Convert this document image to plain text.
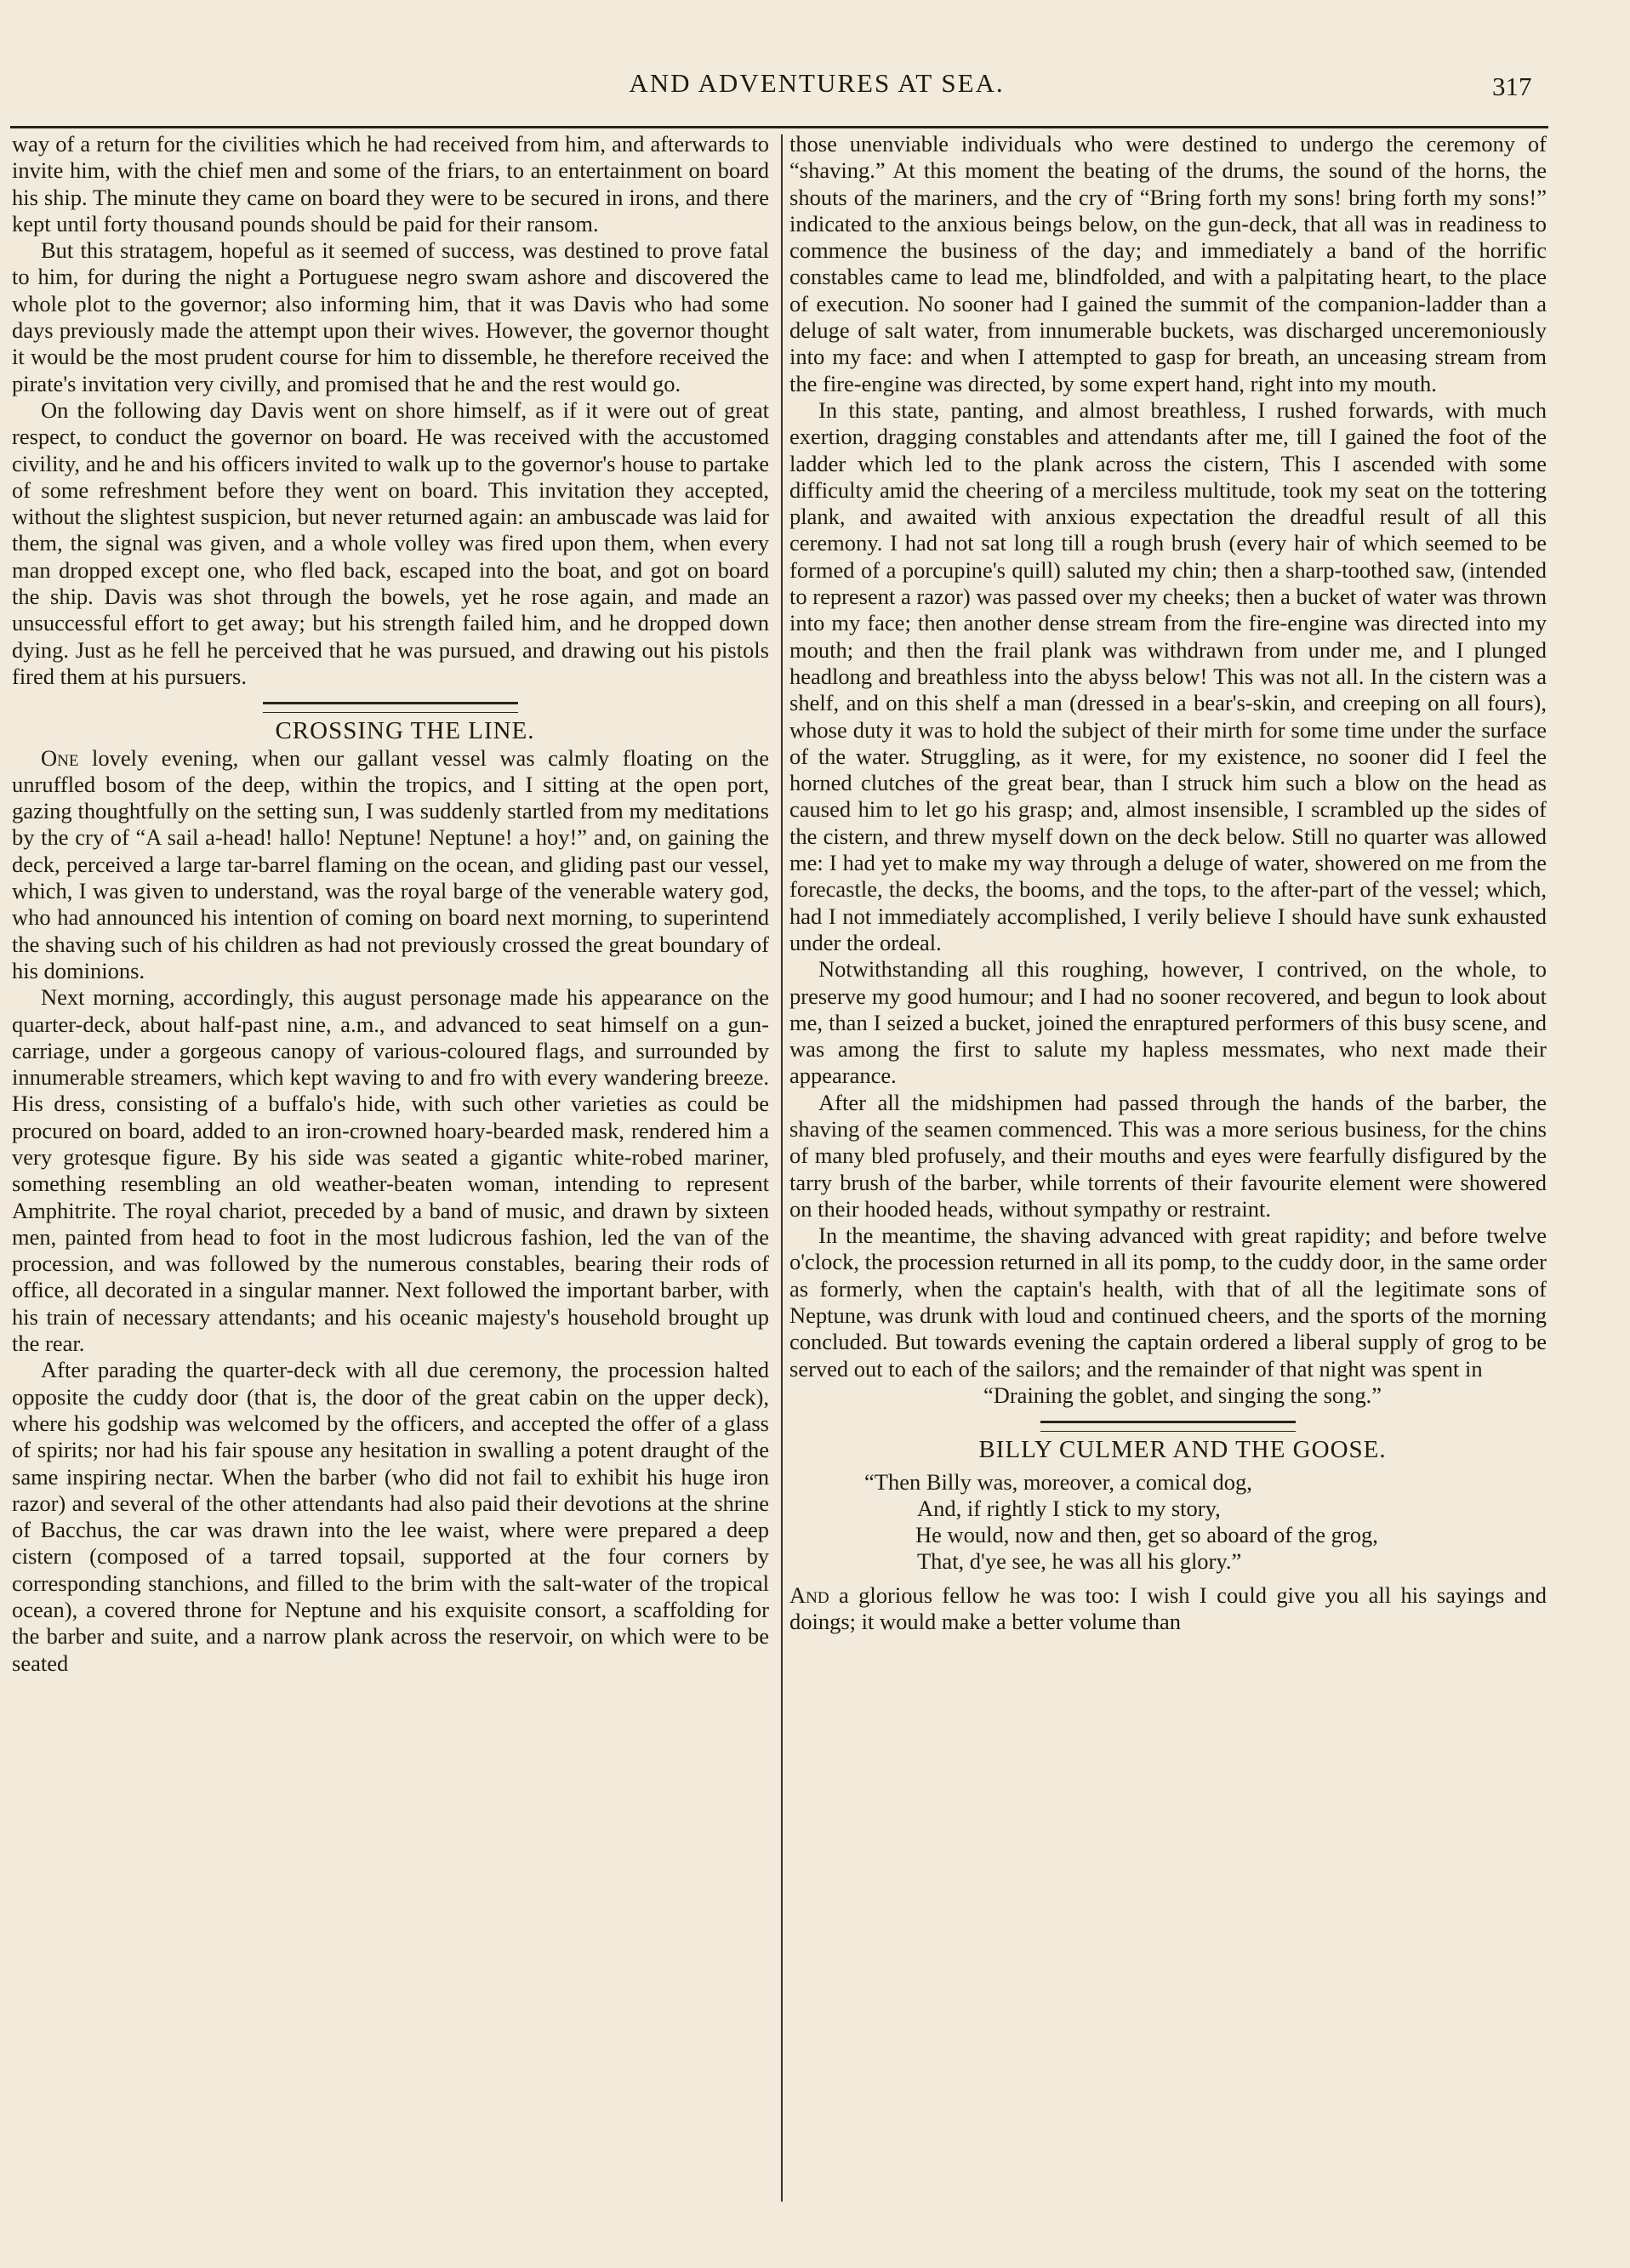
AND ADVENTURES AT SEA.	317

way of a return for the civilities which he had received from him, and afterwards to invite him, with the chief men and some of the friars, to an entertainment on board his ship. The minute they came on board they were to be secured in irons, and there kept until forty thousand pounds should be paid for their ransom.

But this stratagem, hopeful as it seemed of success, was destined to prove fatal to him, for during the night a Portuguese negro swam ashore and discovered the whole plot to the governor; also informing him, that it was Davis who had some days previously made the attempt upon their wives. However, the governor thought it would be the most prudent course for him to dissemble, he therefore received the pirate's invitation very civilly, and promised that he and the rest would go.

On the following day Davis went on shore himself, as if it were out of great respect, to conduct the governor on board. He was received with the accustomed civility, and he and his officers invited to walk up to the governor's house to partake of some refreshment before they went on board. This invitation they accepted, without the slightest suspicion, but never returned again: an ambuscade was laid for them, the signal was given, and a whole volley was fired upon them, when every man dropped except one, who fled back, escaped into the boat, and got on board the ship. Davis was shot through the bowels, yet he rose again, and made an unsuccessful effort to get away; but his strength failed him, and he dropped down dying. Just as he fell he perceived that he was pursued, and drawing out his pistols fired them at his pursuers.

CROSSING THE LINE.

One lovely evening, when our gallant vessel was calmly floating on the unruffled bosom of the deep, within the tropics, and I sitting at the open port, gazing thoughtfully on the setting sun, I was suddenly startled from my meditations by the cry of “A sail a-head! hallo! Neptune! Neptune! a hoy!” and, on gaining the deck, perceived a large tar-barrel flaming on the ocean, and gliding past our vessel, which, I was given to understand, was the royal barge of the venerable watery god, who had announced his intention of coming on board next morning, to superintend the shaving such of his children as had not previously crossed the great boundary of his dominions.

Next morning, accordingly, this august personage made his appearance on the quarter-deck, about half-past nine, a.m., and advanced to seat himself on a gun-carriage, under a gorgeous canopy of various-coloured flags, and surrounded by innumerable streamers, which kept waving to and fro with every wandering breeze. His dress, consisting of a buffalo's hide, with such other varieties as could be procured on board, added to an iron-crowned hoary-bearded mask, rendered him a very grotesque figure. By his side was seated a gigantic white-robed mariner, something resembling an old weather-beaten woman, intending to represent Amphitrite. The royal chariot, preceded by a band of music, and drawn by sixteen men, painted from head to foot in the most ludicrous fashion, led the van of the procession, and was followed by the numerous constables, bearing their rods of office, all decorated in a singular manner. Next followed the important barber, with his train of necessary attendants; and his oceanic majesty's household brought up the rear.

After parading the quarter-deck with all due ceremony, the procession halted opposite the cuddy door (that is, the door of the great cabin on the upper deck), where his godship was welcomed by the officers, and accepted the offer of a glass of spirits; nor had his fair spouse any hesitation in swalling a potent draught of the same inspiring nectar. When the barber (who did not fail to exhibit his huge iron razor) and several of the other attendants had also paid their devotions at the shrine of Bacchus, the car was drawn into the lee waist, where were prepared a deep cistern (composed of a tarred topsail, supported at the four corners by corresponding stanchions, and filled to the brim with the salt-water of the tropical ocean), a covered throne for Neptune and his exquisite consort, a scaffolding for the barber and suite, and a narrow plank across the reservoir, on which were to be seated

those unenviable individuals who were destined to undergo the ceremony of “shaving.” At this moment the beating of the drums, the sound of the horns, the shouts of the mariners, and the cry of “Bring forth my sons! bring forth my sons!” indicated to the anxious beings below, on the gun-deck, that all was in readiness to commence the business of the day; and immediately a band of the horrific constables came to lead me, blindfolded, and with a palpitating heart, to the place of execution. No sooner had I gained the summit of the companion-ladder than a deluge of salt water, from innumerable buckets, was discharged unceremoniously into my face: and when I attempted to gasp for breath, an unceasing stream from the fire-engine was directed, by some expert hand, right into my mouth.

In this state, panting, and almost breathless, I rushed forwards, with much exertion, dragging constables and attendants after me, till I gained the foot of the ladder which led to the plank across the cistern, This I ascended with some difficulty amid the cheering of a merciless multitude, took my seat on the tottering plank, and awaited with anxious expectation the dreadful result of all this ceremony. I had not sat long till a rough brush (every hair of which seemed to be formed of a porcupine's quill) saluted my chin; then a sharp-toothed saw, (intended to represent a razor) was passed over my cheeks; then a bucket of water was thrown into my face; then another dense stream from the fire-engine was directed into my mouth; and then the frail plank was withdrawn from under me, and I plunged headlong and breathless into the abyss below! This was not all. In the cistern was a shelf, and on this shelf a man (dressed in a bear's-skin, and creeping on all fours), whose duty it was to hold the subject of their mirth for some time under the surface of the water. Struggling, as it were, for my existence, no sooner did I feel the horned clutches of the great bear, than I struck him such a blow on the head as caused him to let go his grasp; and, almost insensible, I scrambled up the sides of the cistern, and threw myself down on the deck below. Still no quarter was allowed me: I had yet to make my way through a deluge of water, showered on me from the forecastle, the decks, the booms, and the tops, to the after-part of the vessel; which, had I not immediately accomplished, I verily believe I should have sunk exhausted under the ordeal.

Notwithstanding all this roughing, however, I contrived, on the whole, to preserve my good humour; and I had no sooner recovered, and begun to look about me, than I seized a bucket, joined the enraptured performers of this busy scene, and was among the first to salute my hapless messmates, who next made their appearance.

After all the midshipmen had passed through the hands of the barber, the shaving of the seamen commenced. This was a more serious business, for the chins of many bled profusely, and their mouths and eyes were fearfully disfigured by the tarry brush of the barber, while torrents of their favourite element were showered on their hooded heads, without sympathy or restraint.

In the meantime, the shaving advanced with great rapidity; and before twelve o'clock, the procession returned in all its pomp, to the cuddy door, in the same order as formerly, when the captain's health, with that of all the legitimate sons of Neptune, was drunk with loud and continued cheers, and the sports of the morning concluded. But towards evening the captain ordered a liberal supply of grog to be served out to each of the sailors; and the remainder of that night was spent in

“Draining the goblet, and singing the song.”

BILLY CULMER AND THE GOOSE.

“Then Billy was, moreover, a comical dog,
And, if rightly I stick to my story,
He would, now and then, get so aboard of the grog,
That, d'ye see, he was all his glory.”

And a glorious fellow he was too: I wish I could give you all his sayings and doings; it would make a better volume than
